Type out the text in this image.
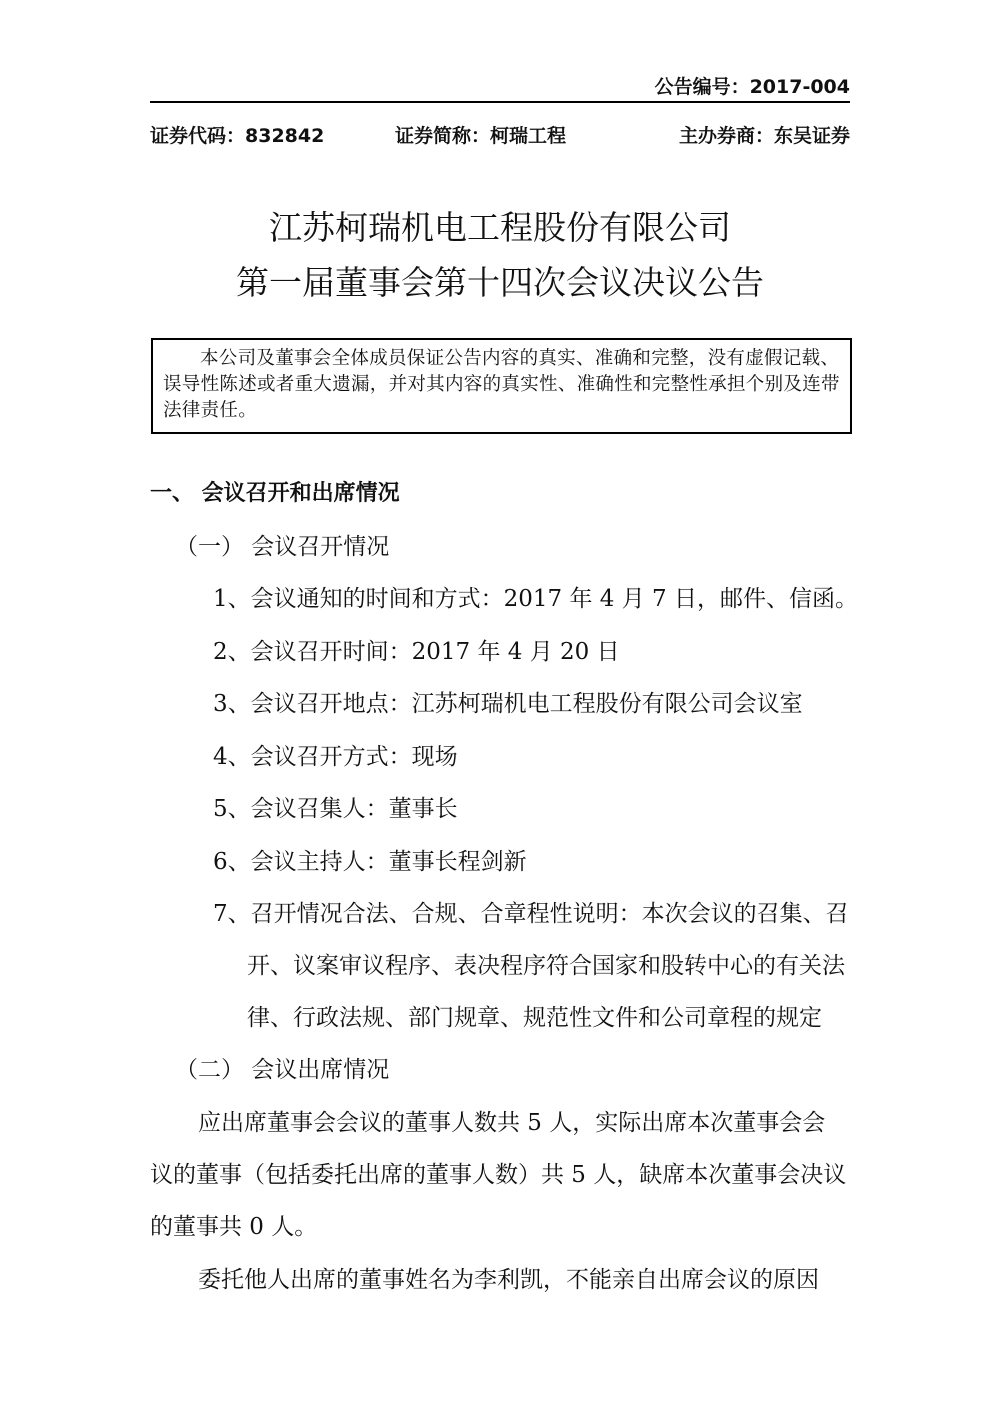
公告编号：2017-004
证券代码：832842	证券简称：柯瑞工程	主办券商：东吴证券
江苏柯瑞机电工程股份有限公司
第一届董事会第十四次会议决议公告
本公司及董事会全体成员保证公告内容的真实、准确和完整，没有虚假记载、误导性陈述或者重大遗漏，并对其内容的真实性、准确性和完整性承担个别及连带法律责任。
一、 会议召开和出席情况
（一） 会议召开情况
1、会议通知的时间和方式：2017 年 4 月 7 日，邮件、信函。
2、会议召开时间：2017 年 4 月 20 日
3、会议召开地点：江苏柯瑞机电工程股份有限公司会议室
4、会议召开方式：现场
5、会议召集人：董事长
6、会议主持人：董事长程剑新
7、召开情况合法、合规、合章程性说明：本次会议的召集、召
开、议案审议程序、表决程序符合国家和股转中心的有关法
律、行政法规、部门规章、规范性文件和公司章程的规定
（二） 会议出席情况
应出席董事会会议的董事人数共 5 人，实际出席本次董事会会
议的董事（包括委托出席的董事人数）共 5 人，缺席本次董事会决议
的董事共 0 人。
委托他人出席的董事姓名为李利凯，不能亲自出席会议的原因
